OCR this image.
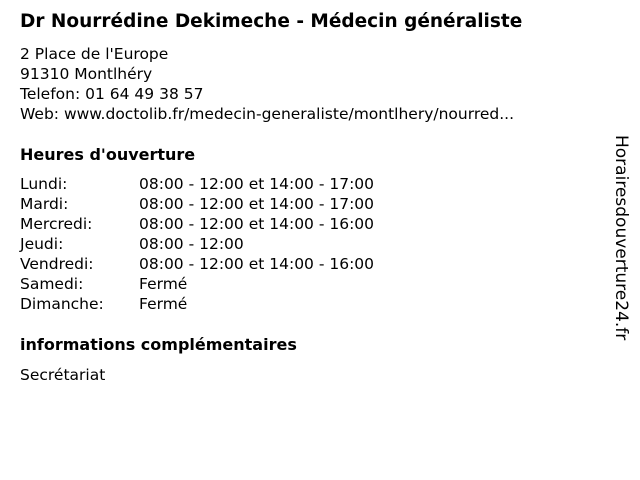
Dr Nourrédine Dekimeche - Médecin généraliste
2 Place de l'Europe
91310 Montlhéry
Telefon: 01 64 49 38 57
Web: www.doctolib.fr/medecin-generaliste/montlhery/nourred...
Heures d'ouverture
Lundi:	08:00 - 12:00 et 14:00 - 17:00
Mardi:	08:00 - 12:00 et 14:00 - 17:00
Mercredi:	08:00 - 12:00 et 14:00 - 16:00
Jeudi:	08:00 - 12:00
Vendredi:	08:00 - 12:00 et 14:00 - 16:00
Samedi:	Fermé
Dimanche: Fermé
informations complémentaires
Secrétariat
Horairesdouverture24.fr
